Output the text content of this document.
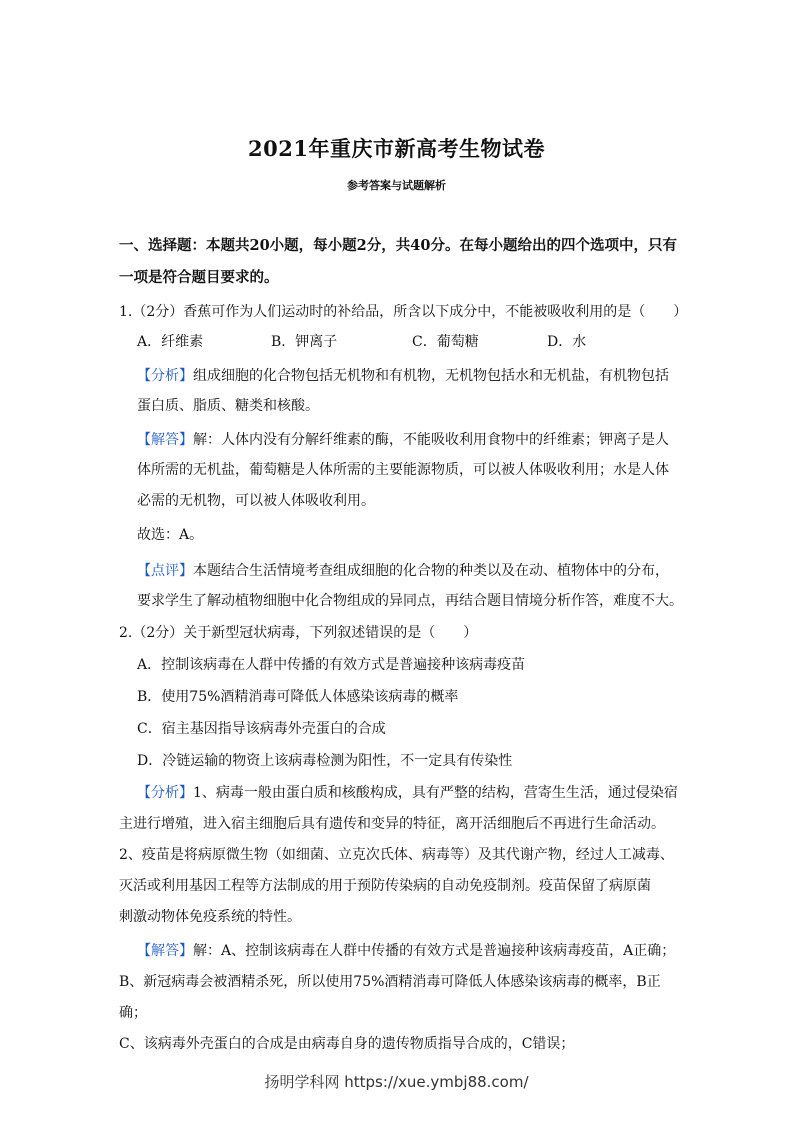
2021年重庆市新高考生物试卷
参考答案与试题解析
一、选择题：本题共20小题，每小题2分，共40分。在每小题给出的四个选项中，只有
一项是符合题目要求的。
1.（2分）香蕉可作为人们运动时的补给品，所含以下成分中，不能被吸收利用的是（　　）
A．纤维素	B．钾离子	C．葡萄糖	D．水
【分析】组成细胞的化合物包括无机物和有机物，无机物包括水和无机盐，有机物包括
蛋白质、脂质、糖类和核酸。
【解答】解：人体内没有分解纤维素的酶，不能吸收利用食物中的纤维素；钾离子是人
体所需的无机盐，葡萄糖是人体所需的主要能源物质，可以被人体吸收利用；水是人体
必需的无机物，可以被人体吸收利用。
故选：A。
【点评】本题结合生活情境考查组成细胞的化合物的种类以及在动、植物体中的分布，
要求学生了解动植物细胞中化合物组成的异同点，再结合题目情境分析作答，难度不大。
2.（2分）关于新型冠状病毒，下列叙述错误的是（　　）
A．控制该病毒在人群中传播的有效方式是普遍接种该病毒疫苗
B．使用75%酒精消毒可降低人体感染该病毒的概率
C．宿主基因指导该病毒外壳蛋白的合成
D．冷链运输的物资上该病毒检测为阳性，不一定具有传染性
【分析】1、病毒一般由蛋白质和核酸构成，具有严整的结构，营寄生生活，通过侵染宿
主进行增殖，进入宿主细胞后具有遗传和变异的特征，离开活细胞后不再进行生命活动。
2、疫苗是将病原微生物（如细菌、立克次氏体、病毒等）及其代谢产物，经过人工减毒、
灭活或利用基因工程等方法制成的用于预防传染病的自动免疫制剂。疫苗保留了病原菌
刺激动物体免疫系统的特性。
【解答】解：A、控制该病毒在人群中传播的有效方式是普遍接种该病毒疫苗，A正确；
B、新冠病毒会被酒精杀死，所以使用75%酒精消毒可降低人体感染该病毒的概率，B正
确；
C、该病毒外壳蛋白的合成是由病毒自身的遗传物质指导合成的，C错误；
扬明学科网 https://xue.ymbj88.com/
